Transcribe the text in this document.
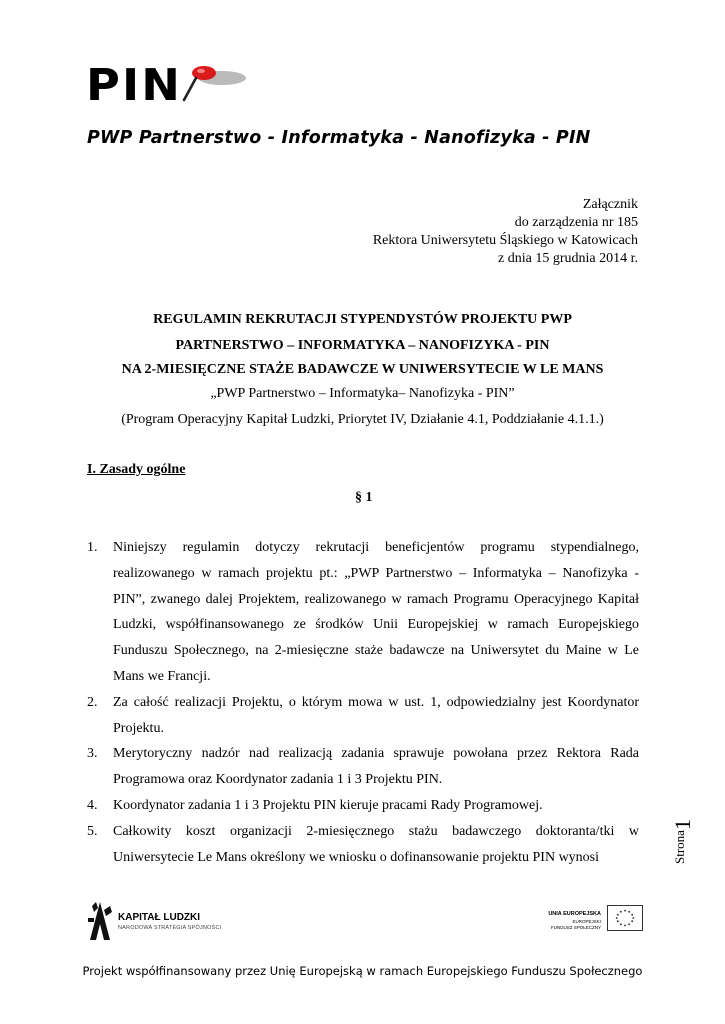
PIN
PWP Partnerstwo - Informatyka - Nanofizyka - PIN
Załącznik
do zarządzenia nr 185
Rektora Uniwersytetu Śląskiego w Katowicach
z dnia 15 grudnia 2014 r.
REGULAMIN REKRUTACJI STYPENDYSTÓW PROJEKTU PWP
PARTNERSTWO – INFORMATYKA – NANOFIZYKA - PIN
NA 2-MIESIĘCZNE STAŻE BADAWCZE W UNIWERSYTECIE W LE MANS
„PWP Partnerstwo – Informatyka– Nanofizyka - PIN”
(Program Operacyjny Kapitał Ludzki, Priorytet IV, Działanie 4.1, Poddziałanie 4.1.1.)
I. Zasady ogólne
§ 1
1. Niniejszy regulamin dotyczy rekrutacji beneficjentów programu stypendialnego, realizowanego w ramach projektu pt.: „PWP Partnerstwo – Informatyka – Nanofizyka - PIN”, zwanego dalej Projektem, realizowanego w ramach Programu Operacyjnego Kapitał Ludzki, współfinansowanego ze środków Unii Europejskiej w ramach Europejskiego Funduszu Społecznego, na 2-miesięczne staże badawcze na Uniwersytet du Maine w Le Mans we Francji.
2. Za całość realizacji Projektu, o którym mowa w ust. 1, odpowiedzialny jest Koordynator Projektu.
3. Merytoryczny nadzór nad realizacją zadania sprawuje powołana przez Rektora Rada Programowa oraz Koordynator zadania 1 i 3 Projektu PIN.
4. Koordynator zadania 1 i 3 Projektu PIN kieruje pracami Rady Programowej.
5. Całkowity koszt organizacji 2-miesięcznego stażu badawczego doktoranta/tki w Uniwersytecie Le Mans określony we wniosku o dofinansowanie projektu PIN wynosi	Strona
1
KAPITAŁ LUDZKI
NARODOWA STRATEGIA SPÓJNOŚCI
UNIA EUROPEJSKA
EUROPEJSKI
FUNDUSZ SPOŁECZNY
Projekt współfinansowany przez Unię Europejską w ramach Europejskiego Funduszu Społecznego
